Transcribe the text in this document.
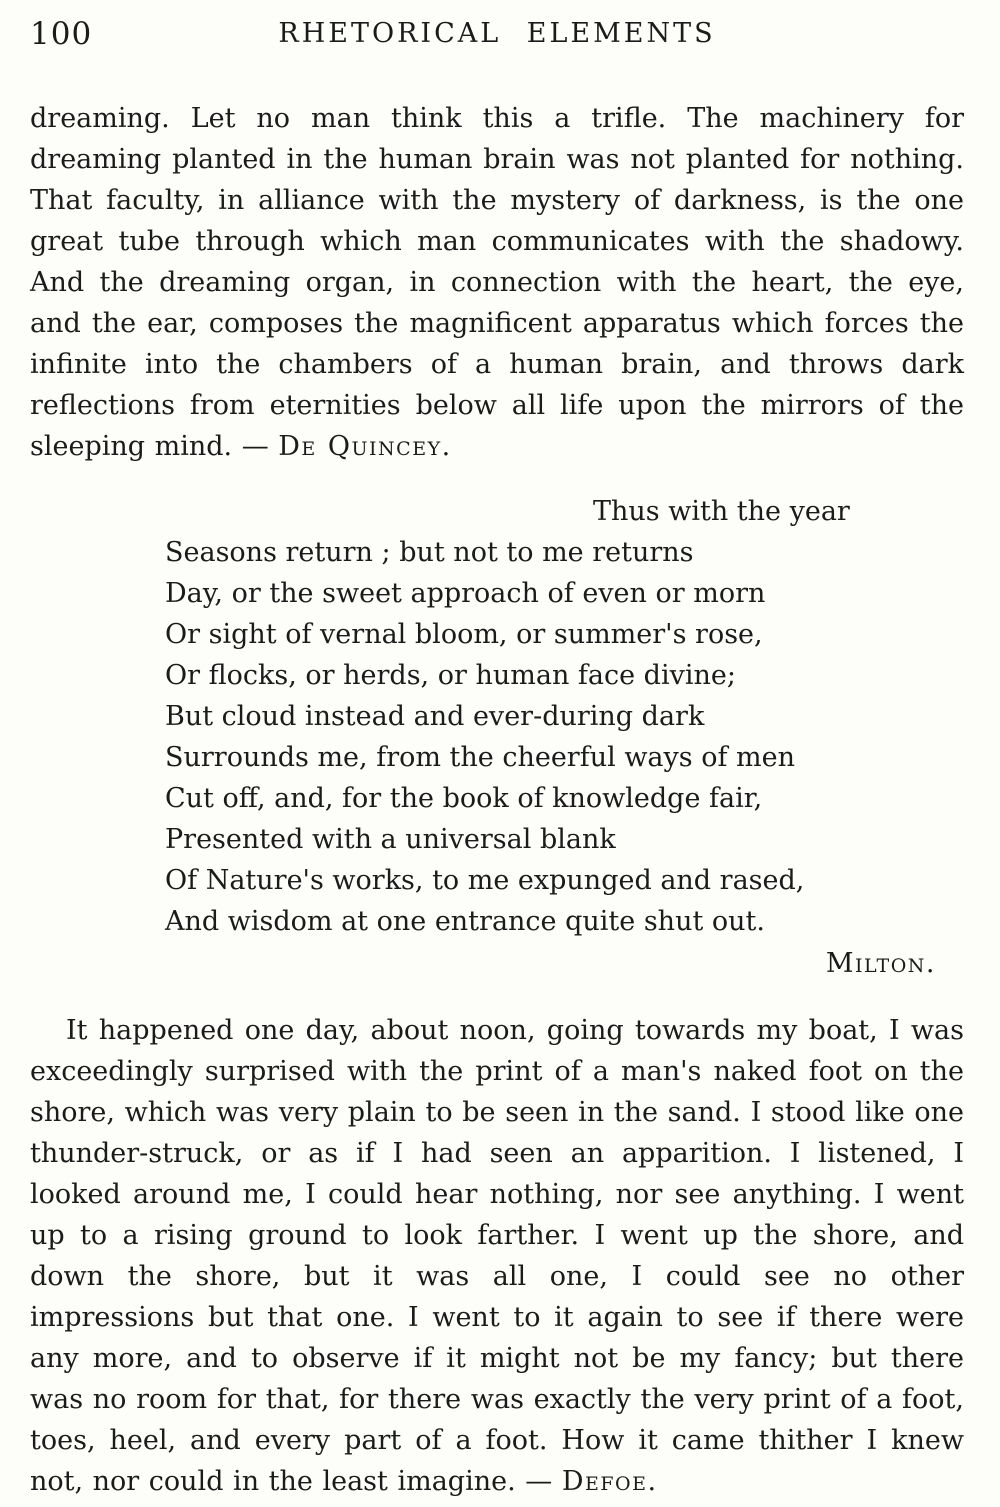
100	RHETORICAL ELEMENTS

dreaming. Let no man think this a trifle. The machinery for dreaming planted in the human brain was not planted for nothing. That faculty, in alliance with the mystery of darkness, is the one great tube through which man communicates with the shadowy. And the dreaming organ, in connection with the heart, the eye, and the ear, composes the magnificent apparatus which forces the infinite into the chambers of a human brain, and throws dark reflections from eternities below all life upon the mirrors of the sleeping mind. — De Quincey.

Thus with the year
Seasons return ; but not to me returns
Day, or the sweet approach of even or morn
Or sight of vernal bloom, or summer's rose,
Or flocks, or herds, or human face divine;
But cloud instead and ever-during dark
Surrounds me, from the cheerful ways of men
Cut off, and, for the book of knowledge fair,
Presented with a universal blank
Of Nature's works, to me expunged and rased,
And wisdom at one entrance quite shut out.
Milton.

It happened one day, about noon, going towards my boat, I was exceedingly surprised with the print of a man's naked foot on the shore, which was very plain to be seen in the sand. I stood like one thunder-struck, or as if I had seen an apparition. I listened, I looked around me, I could hear nothing, nor see anything. I went up to a rising ground to look farther. I went up the shore, and down the shore, but it was all one, I could see no other impressions but that one. I went to it again to see if there were any more, and to observe if it might not be my fancy; but there was no room for that, for there was exactly the very print of a foot, toes, heel, and every part of a foot. How it came thither I knew not, nor could in the least imagine. — Defoe.
